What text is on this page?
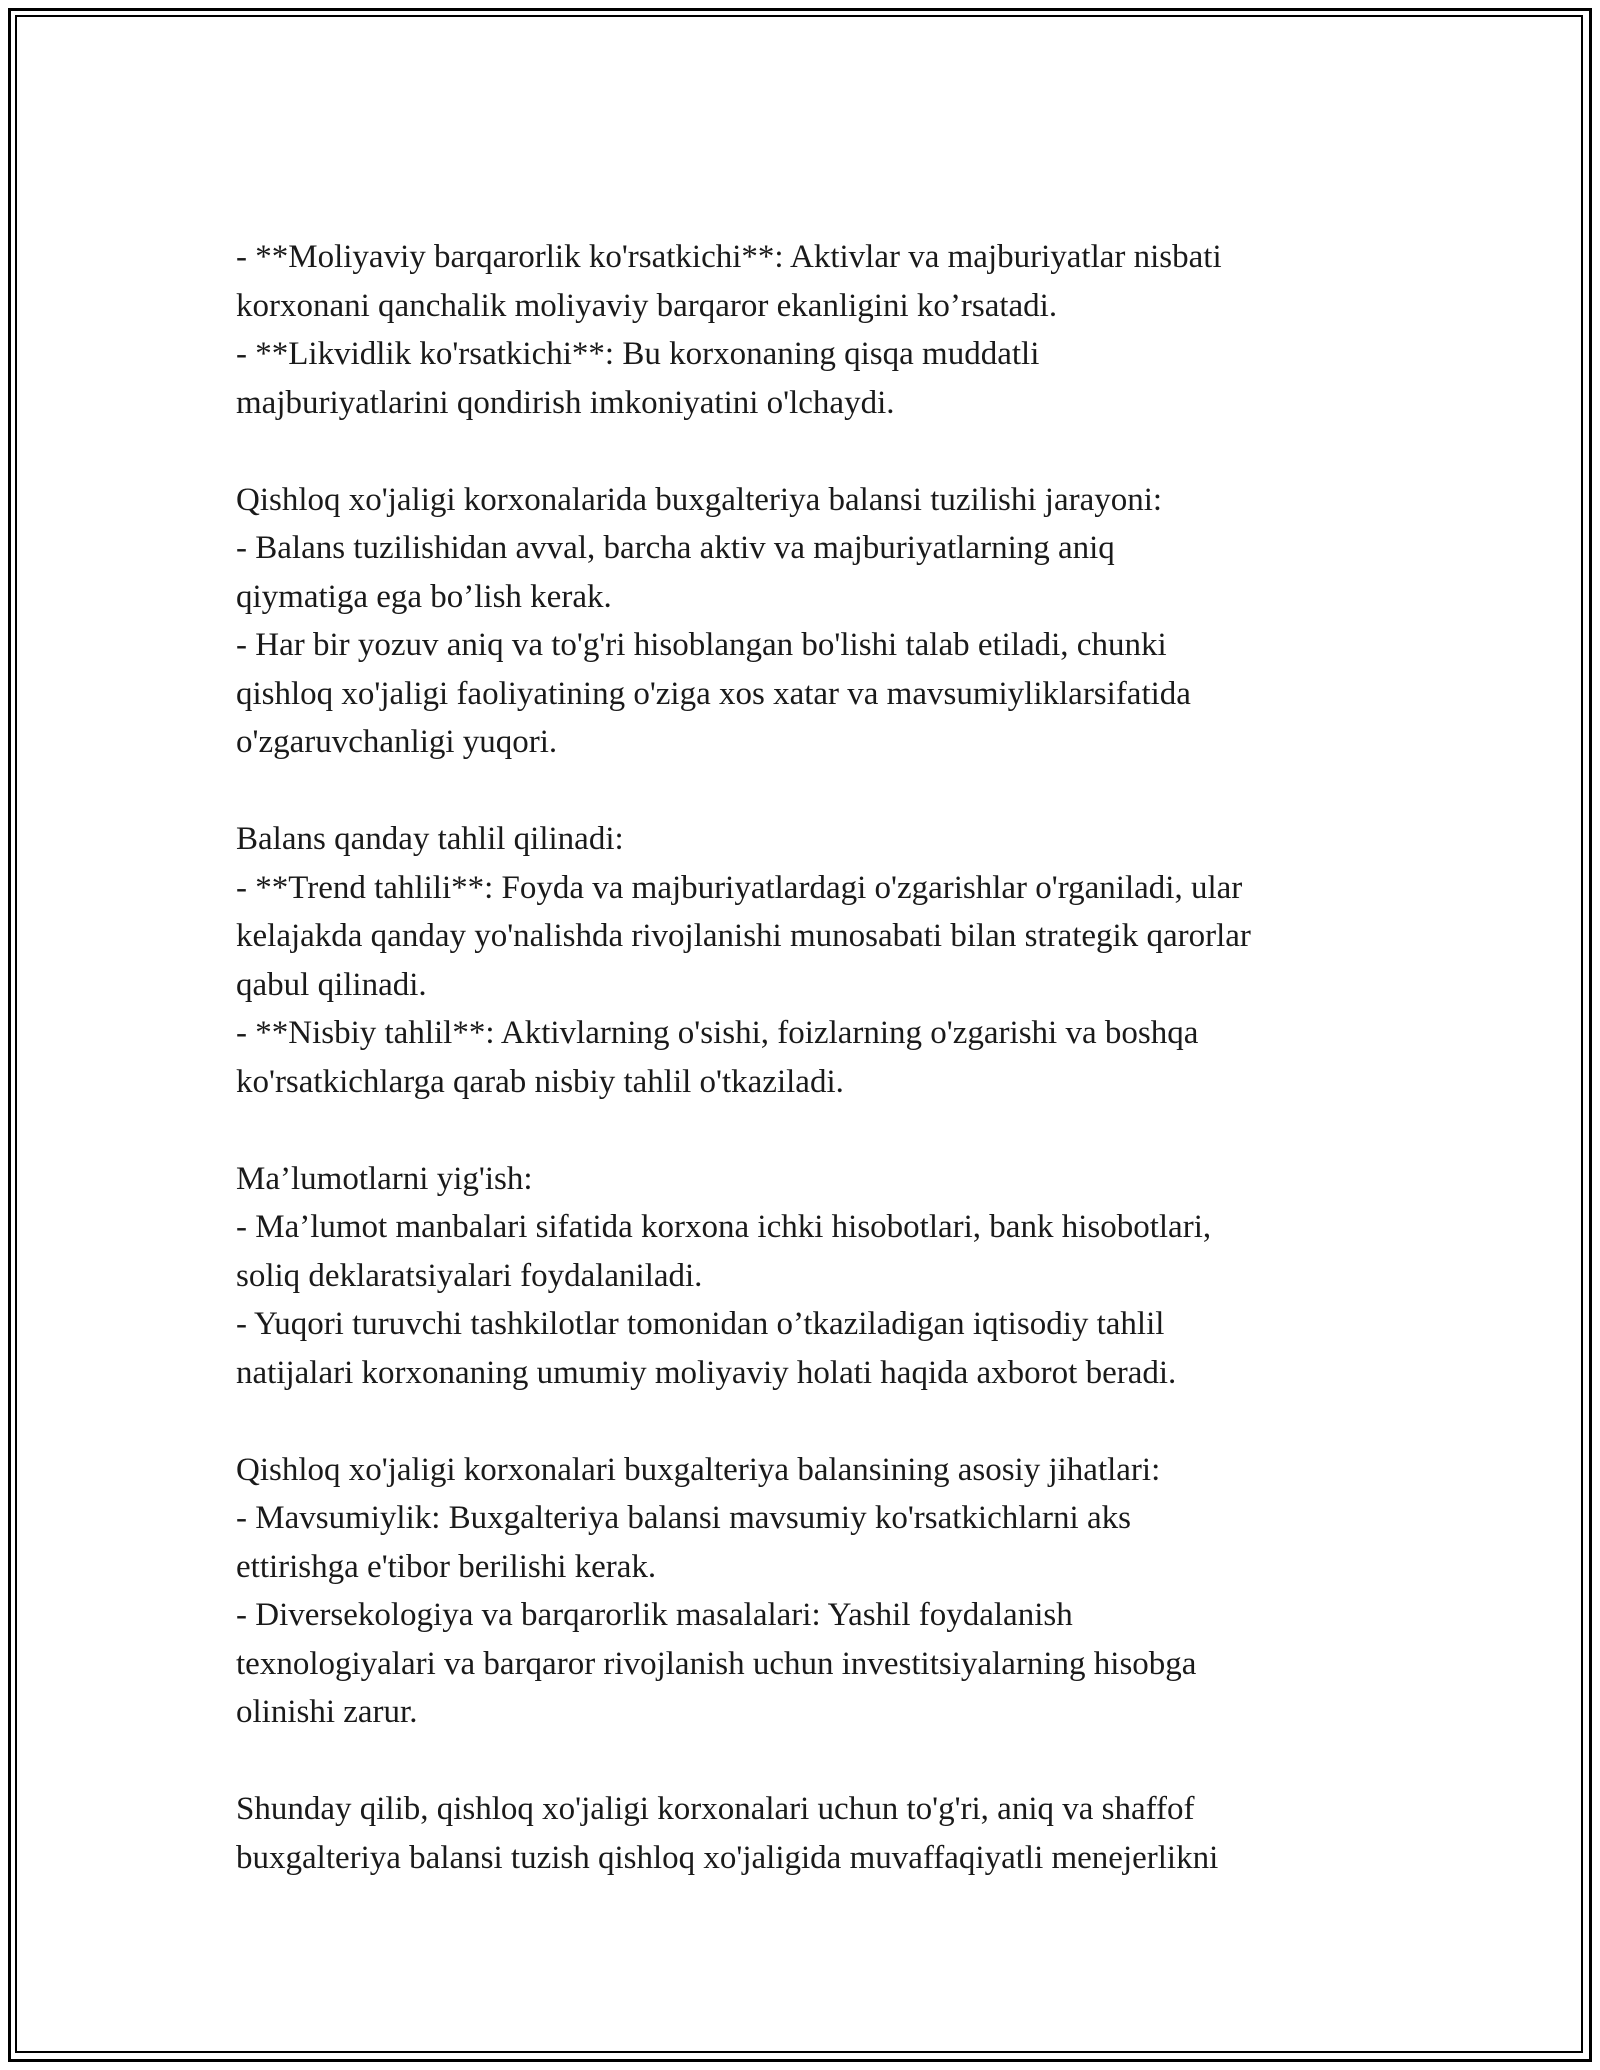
- **Moliyaviy barqarorlik ko'rsatkichi**: Aktivlar va majburiyatlar nisbati
korxonani qanchalik moliyaviy barqaror ekanligini ko’rsatadi.
- **Likvidlik ko'rsatkichi**: Bu korxonaning qisqa muddatli
majburiyatlarini qondirish imkoniyatini o'lchaydi.

Qishloq xo'jaligi korxonalarida buxgalteriya balansi tuzilishi jarayoni:
- Balans tuzilishidan avval, barcha aktiv va majburiyatlarning aniq
qiymatiga ega bo’lish kerak.
- Har bir yozuv aniq va to'g'ri hisoblangan bo'lishi talab etiladi, chunki
qishloq xo'jaligi faoliyatining o'ziga xos xatar va mavsumiyliklarsifatida
o'zgaruvchanligi yuqori.

Balans qanday tahlil qilinadi:
- **Trend tahlili**: Foyda va majburiyatlardagi o'zgarishlar o'rganiladi, ular
kelajakda qanday yo'nalishda rivojlanishi munosabati bilan strategik qarorlar
qabul qilinadi.
- **Nisbiy tahlil**: Aktivlarning o'sishi, foizlarning o'zgarishi va boshqa
ko'rsatkichlarga qarab nisbiy tahlil o'tkaziladi.

Ma’lumotlarni yig'ish:
- Ma’lumot manbalari sifatida korxona ichki hisobotlari, bank hisobotlari,
soliq deklaratsiyalari foydalaniladi.
- Yuqori turuvchi tashkilotlar tomonidan o’tkaziladigan iqtisodiy tahlil
natijalari korxonaning umumiy moliyaviy holati haqida axborot beradi.

Qishloq xo'jaligi korxonalari buxgalteriya balansining asosiy jihatlari:
- Mavsumiylik: Buxgalteriya balansi mavsumiy ko'rsatkichlarni aks
ettirishga e'tibor berilishi kerak.
- Diversekologiya va barqarorlik masalalari: Yashil foydalanish
texnologiyalari va barqaror rivojlanish uchun investitsiyalarning hisobga
olinishi zarur.

Shunday qilib, qishloq xo'jaligi korxonalari uchun to'g'ri, aniq va shaffof
buxgalteriya balansi tuzish qishloq xo'jaligida muvaffaqiyatli menejerlikni
